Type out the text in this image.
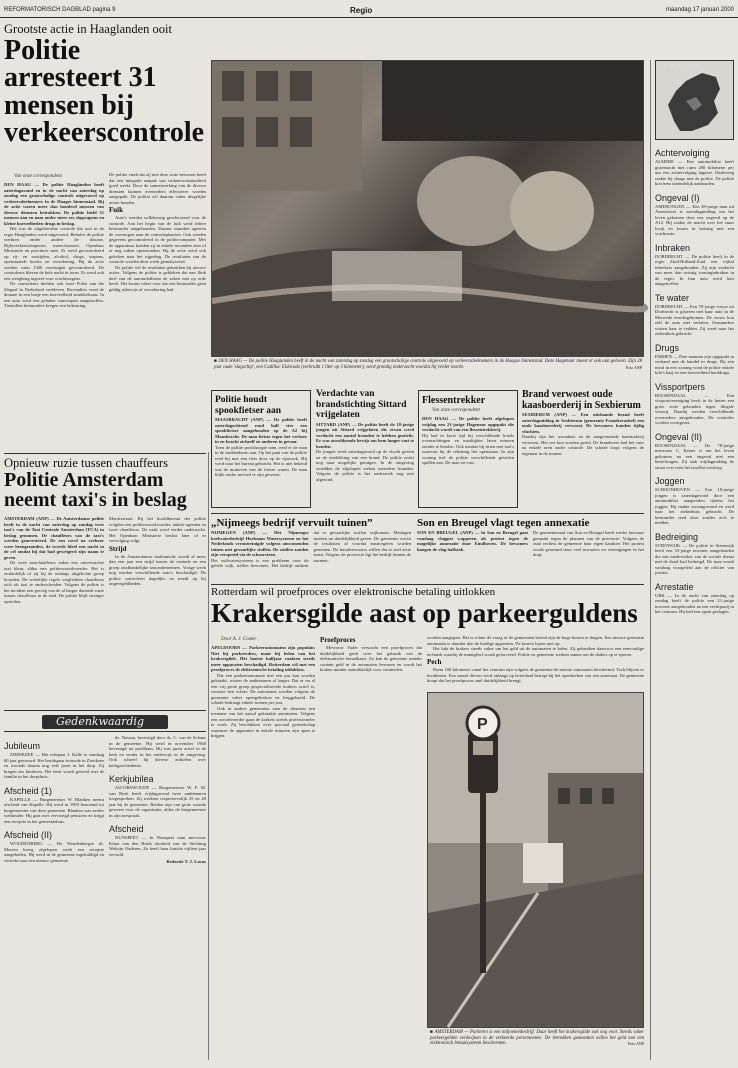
REFORMATORISCH DAGBLAD pagina 9	Regio	maandag 17 januari 2000
Grootste actie in Haaglanden ooit
Politie arresteert 31 mensen bij verkeerscontrole
Van onze correspondent

DEN HAAG — De politie Haaglanden heeft zaterdagavond en in de nacht van zaterdag op zondag een grootschalige controle uitgevoerd op verkeersdeelnemers in de Haagse binnenstad. Bij de actie waren meer dan honderd mensen van diverse diensten betrokken. De politie hield 31 mensen aan en nam onder meer zes slagwapens en kleine hoeveelheden drugs in beslag.

Het was de uitgebreidste controle die ooit in de regio Haaglanden werd uitgevoerd. Behalve de politie werkten onder andere de douane, Rijksverkeersinspectie, marechaussee, Openbaar Ministerie en provincie mee. Er werd gecontroleerd op rij- en rusttijden, alcohol, drugs, wapens, openstaande boetes en verzekering. Bij de actie werden ruim 1300 voertuigen gecontroleerd. De controleurs bleven de hele nacht in touw. Er werd ook een weegbrug ingezet voor vrachtwagens.

De controleurs hielden ook twee Polen aan die illegaal in Nederland verbleven. Bovendien vond de douane in een busje een hoeveelheid smokkelwaar. In een auto werd een geladen vuurwapen aangetroffen. Tientallen bestuurders kregen een bekeuring.

De politie vindt dat zij met deze actie bewezen heeft dat een integrale aanpak van verkeerscriminaliteit goed werkt. Door de samenwerking van de diverse diensten kunnen overtreders effectiever worden aangepakt. De politie wil daarom vaker dergelijke acties houden.

Fuik

Auto's werden willekeurig geselecteerd voor de controle. Aan het begin van de fuik werd iedere bestuurder aangehouden. Daarna stuurden agenten de voertuigen naar de controleplaatsen. Ook werden gegevens gecontroleerd in de politiecomputer. Met de apparatuur konden zij in enkele seconden zien of er nog zaken openstonden. Bij de actie werd ook gekeken naar het rijgedrag. De resultaten van de controle worden deze week geanalyseerd.

De politie wil de resultaten gebruiken bij nieuwe acties. Volgens de politie is gebleken dat een flink deel van de automobilisten de zaken niet op orde heeft. Het kwam vaker voor dat een bestuurder geen geldig rijbewijs of verzekering had.

■ DEN HAAG — De politie Haaglanden heeft in de nacht van zaterdag op zondag een grootschalige controle uitgevoerd op verkeersdeelnemers in de Haagse binnenstad. Deze Hagenaar moest er ook aan geloven. Zijn 28 jaar oude 'slagschip', een Cadillac Eldorado (verbruikt 1 liter op 3 kilometer), werd grondig onderzocht voordat hij verder mocht.	Foto ANP
REGIO
Achtervolging

ALMERE — Een automobilist heeft gisternacht met ruim 200 kilometer per uur een achtervolging ingezet. Onderweg raakte hij slaags met de politie. De politie kon hem uiteindelijk aanhouden.

Ongeval (I)

AMERONGEN — Een 49-jarige man uit Amersfoort is zaterdagmiddag om het leven gekomen door een ongeval op de A12. Hij raakte de macht over het stuur kwijt en kwam in botsing met een vrachtauto.

Inbraken

DORDRECHT — De politie heeft in de regio Zuid-Holland-Zuid een vijftal inbrekers aangehouden. Zij zijn verdacht van meer dan twintig woninginbraken in de regio. In hun auto werd buit aangetroffen.

Te water

DORDRECHT — Een 78-jarige vrouw uit Dordrecht is gisteren met haar auto in de Merwede terechtgekomen. De vrouw kon zelf de auto niet verlaten. Omstanders wisten haar te redden. Zij werd naar het ziekenhuis gebracht.

Drugs

EMMEN — Drie mannen zijn opgepakt in verband met de handel in drugs. Bij een inval in een woning vond de politie enkele kilo's hasj en een hoeveelheid harddrugs.

Vissportpers

ROOSENDAAL — Een vissportvereniging heeft in de haven een grote actie gehouden tegen illegale visserij. Daarbij werden verschillende overtreders aangehouden. De controles worden voortgezet.

Ongeval (II)

ROOSENDAAL — De 78-jarige mevrouw C. Keizer is om het leven gekomen na een ongeval met een bestelwagen. Zij stak vrijdagmiddag de straat over toen het noodlot toesloeg.

Joggen

SCHOONHOVEN — Een 18-jarige jongen is zaterdagavond door een automobilist aangereden tijdens het joggen. Hij raakte zwaargewond en werd naar het ziekenhuis gebracht. De bestuurder reed door zonder zich te melden.

Bedreiging

STEENWIJK — De politie in Steenwijk heeft een 35-jarige inwoner aangehouden die een medewerker van de sociale dienst met de dood had bedreigd. De man wordt vandaag voorgeleid aan de officier van justitie.

Arrestatie

URK — In de nacht van zaterdag op zondag heeft de politie een 21-jarige inwoner aangehouden na een vechtpartij in het centrum. Hij had een agent geslagen.

Opnieuw ruzie tussen chauffeurs
Politie Amsterdam neemt taxi's in beslag

AMSTERDAM (ANP) — De Amsterdamse politie heeft in de nacht van zaterdag op zondag twee taxi's van de Taxi Centrale Amsterdam (TCA) in beslag genomen. De chauffeurs van de taxi's werden gearresteerd. De een werd na verhoor weer heengezonden, de tweede bleef een nacht in de cel omdat hij dat had geweigerd zijn naam te geven.

De twee taxichauffeurs reden een onverwachte taxi kleur, aldus een politiewoordvoerder. Het is onduidelijk of zij bij de onlangs uitgelichte groep hoorden. De wettelijke regels verplichten chauffeurs zich als taxi te onderscheiden. Volgens de politie is het incident een gevolg van de al langer durende ruzie tussen chauffeurs in de stad. De politie blijft strenger optreden.

Marnixstraat. Bij het hoofdbureau der politie volgden een politiewoordvoerder, enkele agenten en twee chauffeurs. De zaak werd verder onderzocht. Het Openbaar Ministerie beslist later of er vervolging volgt.

Strijd

In de Amsterdamse taxibranche woedt al meer dan een jaar een strijd tussen de centrale en een groep onafhankelijke taxiondernemers. Vorige week nog werden verschillende auto's beschadigd. De politie controleert dagelijks en treedt op bij ongeregeldheden.

Gedenkwaardig
Jubileum

ZIERIKZEE — Het echtpaar J. Kalle is vandaag 60 jaar getrouwd. Het bruidspaar trouwde in Zierikzee en woonde daarna nog vele jaren in het dorp. Zij kregen zes kinderen. Het feest wordt gevierd met de familie in het dorpshuis.

Afscheid (1)

KAPELLE — Burgemeester W. Blanken neemt afscheid van Kapelle. Hij werd in 1983 benoemd tot burgemeester van deze gemeente. Blanken was eerder wethouder. Hij gaat met vervroegd pensioen en krijgt een receptie in het gemeentehuis.

Afscheid (II)

WOUDENBERG — De Woudenbergse ds. Morren kreeg afgelopen week een receptie aangeboden. Hij werd in de gemeente ingehuldigd en vertrekt naar een nieuwe gemeente.

ds. Nassau, bevestigd door ds. C. van de Schans in de gemeente. Hij werd in november 1960 bevestigd tot predikant. Hij was jaren actief in de kerk en verder in het onderwijs in de omgeving. Ook schreef hij diverse artikelen over kerkgeschiedenis.

Kerkjubilea

JACOBSWOUDE — Burgemeester W. F. M. van Beek heeft vrijdagavond twee ambtenaren toegesproken. Zij werkten respectievelijk 25 en 40 jaar bij de gemeente. Beiden zijn van grote waarde geweest voor de organisatie, aldus de burgemeester in zijn toespraak.

Afscheid

NUNSPEET — In Nunspeet nam mevrouw Klaas van den Brink afscheid van de Stichting Welzijn Ouderen. Ze heeft haar functie vijftien jaar vervuld.

Redactie T. J. Lucas

Politie houdt spookfietser aan

MAASBRACHT (ANP) — De politie heeft zaterdagochtend rond half vier een spookfietser aangehouden op de A2 bij Maasbracht. De man fietste tegen het verkeer in en bracht zichzelf en anderen in gevaar.

Toen de politie poolshoogte nam, reed er de man in de middenberm aan. Op het punt van de politie reed hij met een fiets door op de rijstrook. Hij werd naar het bureau gebracht. Het is niet bekend wat de motieven van de fietser waren. De man blijkt onder invloed te zijn geweest.

Verdachte van brandstichting Sittard vrijgelaten

SITTARD (ANP) — De politie heeft de 18-jarige jongen uit Sittard vrijgelaten die ervan werd verdacht een aantal branden te hebben gesticht. Er was onvoldoende bewijs om hem langer vast te houden.

De jongen werd zaterdagavond op de vlucht gezien na de ontdekking van een brand. De politie zoekt nog naar mogelijke getuigen. In de omgeving woedden de afgelopen weken meerdere branden. Volgens de politie is het onderzoek nog niet afgerond.

Flessentrekker
Van onze correspondent

DEN HAAG — De politie heeft afgelopen vrijdag een 21-jarige Hagenaar opgepakt die verdacht wordt van een flessentrekkerij.

Hij had in korte tijd bij verschillende hotels overnachtingen en maaltijden laten noteren zonder te betalen. Ook maakte hij ritten met taxi's waarvan hij de rekening liet openstaan. In zijn woning trof de politie verschillende gestolen spullen aan. De man zit vast.

Brand verwoest oude kaasboerderij in Sexbierum

SEXBIERUM (ANP) — Een uitslaande brand heeft zaterdagmiddag in Sexbierum (gemeente Franekeradeel) een oude kaasboerderij verwoest. De bewoners konden tijdig vluchten.

Daarbij zijn het woonhuis en de aangrenzende kaasmakerij verwoest. Het vee kon worden gered. De brandweer had het vuur na enkele uren onder controle. De schade loopt volgens de eigenaar in de tonnen.

„Nijmeegs bedrijf vervuilt tuinen”

NIJMEGEN (ANP) — Het Nijmeegse koelwaterbedrijf Hoekman Watersysteem en het Nederlands verontreinigde volgens omwonenden tuinen met gevaarlijke stoffen. De stoffen zouden zijn verspreid via de schoorsteen.

Het vuilwatersysteem is een probleem voor de gehele wijk, stellen bewoners. Het bedrijf ontkent dat er gevaarlijke stoffen vrijkomen. Metingen moeten nu duidelijkheid geven. De gemeente wacht de resultaten af voordat maatregelen worden genomen. De buurtbewoners willen dat er snel actie komt. Volgens de provincie ligt het bedrijf binnen de normen.

Son en Breugel vlagt tegen annexatie

SON EN BREUGEL (ANP) — In Son en Breugel gaat vandaag vlaggen wapperen als protest tegen de mogelijke annexatie door Eindhoven. De bewoners hangen de vlag halfstok.

De gemeenteraad van Son en Breugel heeft eerder bezwaar gemaakt tegen de plannen van de provincie. Volgens de raad verliest de gemeente haar eigen karakter. Het protest wordt gesteund door veel inwoners en verenigingen in het dorp.

Rotterdam wil proefproces over elektronische betaling uitlokken
Krakersgilde aast op parkeerguldens
Door A. J. Coster

APELDOORN — Parkeerautomaten zijn populair. Niet bij parkeerders, maar bij leden van het krakersgilde. Het laatste halfjaar raakten steeds meer apparaten beschadigd. Rotterdam wil met een proefproces de elektronische betaling uitlokken.

Dat een parkeerautomaat met een pas kan worden gekraakt, wisten de ambtenaren al langer. Dat er nu al een vrij grote groep gespecialiseerde krakers actief is, verraste hen echter. De automaten worden volgens de gemeente vaker opengebroken en leeggehaald. De schade bedraagt enkele tonnen per jaar.

Ook in andere gemeenten zien de diensten een toename van het aantal gekraakte automaten. Volgens een woordvoerder gaan de krakers steeds professioneler te werk. Zij beschikken over speciaal gereedschap waarmee de apparaten in enkele minuten zijn open te krijgen.

Proefproces

Mevrouw Vader verwacht een proefproces dat duidelijkheid geeft over het gebruik van de elektronische betaalkaart. Zo kan de gemeente minder contant geld in de automaten bewaren en wordt het kraken minder aantrekkelijk voor criminelen.

worden aangepast. Het is echter de vraag of de gemeenten bereid zijn de hoge kosten te dragen. Een nieuwe generatie automaten is duurder dan de huidige apparaten. De kosten lopen snel op.

Het lukt de krakers steeds vaker om het geld uit de automaten te halen. Zij gebruiken daarvoor een eenvoudige techniek waarbij de muntgleuf wordt geforceerd. Politie en gemeente werken samen om de daders op te sporen.

Pech

Ruim 100 kilometer vanaf het centrum zijn volgens de gemeente de meeste automaten beschermd. Toch blijven er incidenten. Een aantal dieven werd onlangs op heterdaad betrapt bij het openbreken van een automaat. De gemeente hoopt dat het proefproces snel duidelijkheid brengt.

P
■ AMSTERDAM — Parkeren is een miljoenenbedrijf. Daar heeft het krakersgilde ook oog voor. Steeds vaker parkeergelden verdwijnen in de verkeerde portemonnee. De betrokken gemeenten willen het geld met een elektronisch betaalsysteem beschermen.	Foto ANP
